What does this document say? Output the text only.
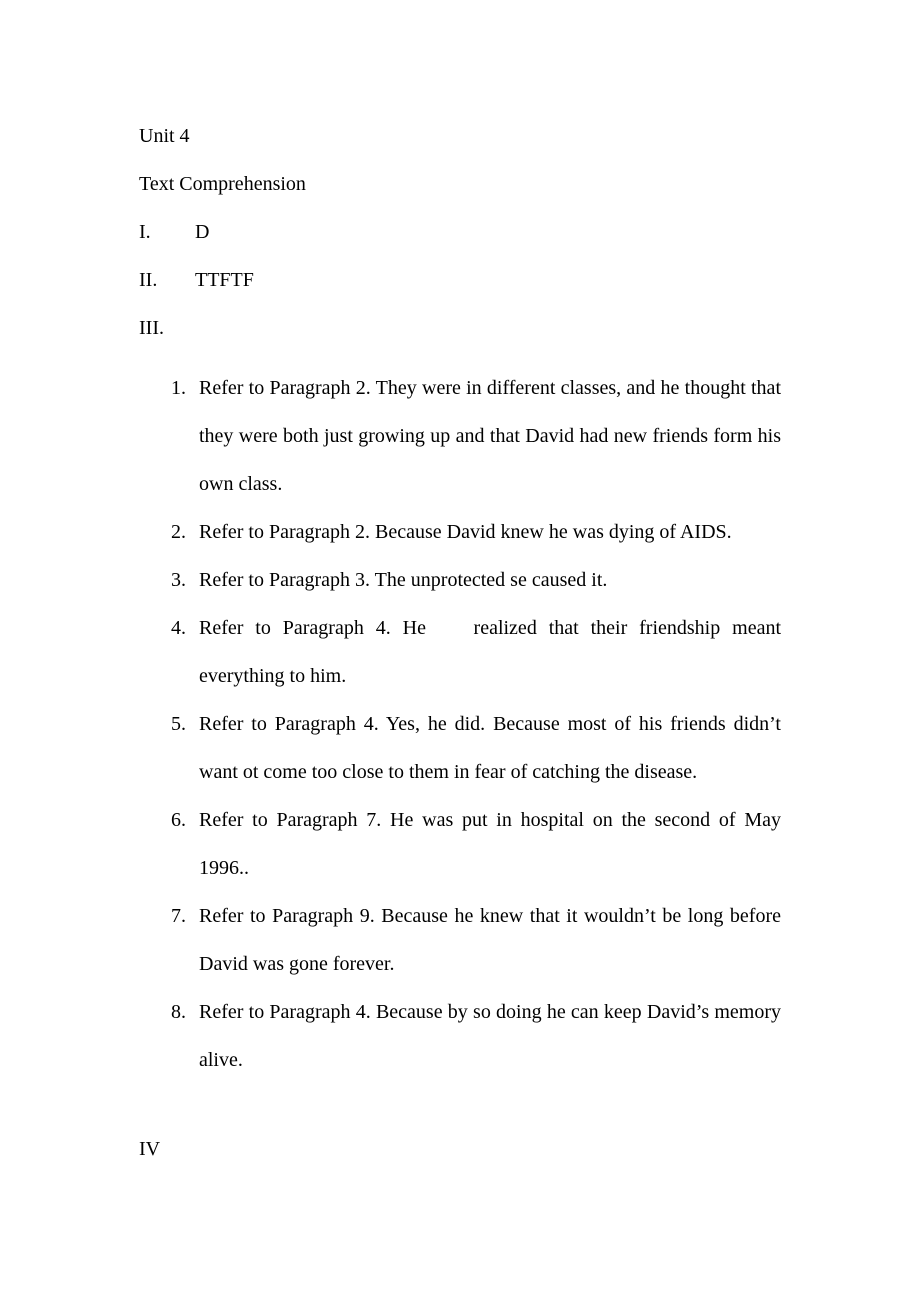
Unit 4
Text Comprehension
I. D
II. TTFTF
III.
1. Refer to Paragraph 2. They were in different classes, and he thought that they were both just growing up and that David had new friends form his own class.
2. Refer to Paragraph 2. Because David knew he was dying of AIDS.
3. Refer to Paragraph 3. The unprotected se caused it.
4. Refer to Paragraph 4. He    realized that their friendship meant everything to him.
5. Refer to Paragraph 4. Yes, he did. Because most of his friends didn’t want ot come too close to them in fear of catching the disease.
6. Refer to Paragraph 7. He was put in hospital on the second of May 1996..
7. Refer to Paragraph 9. Because he knew that it wouldn’t be long before David was gone forever.
8. Refer to Paragraph 4. Because by so doing he can keep David’s memory alive.
IV
